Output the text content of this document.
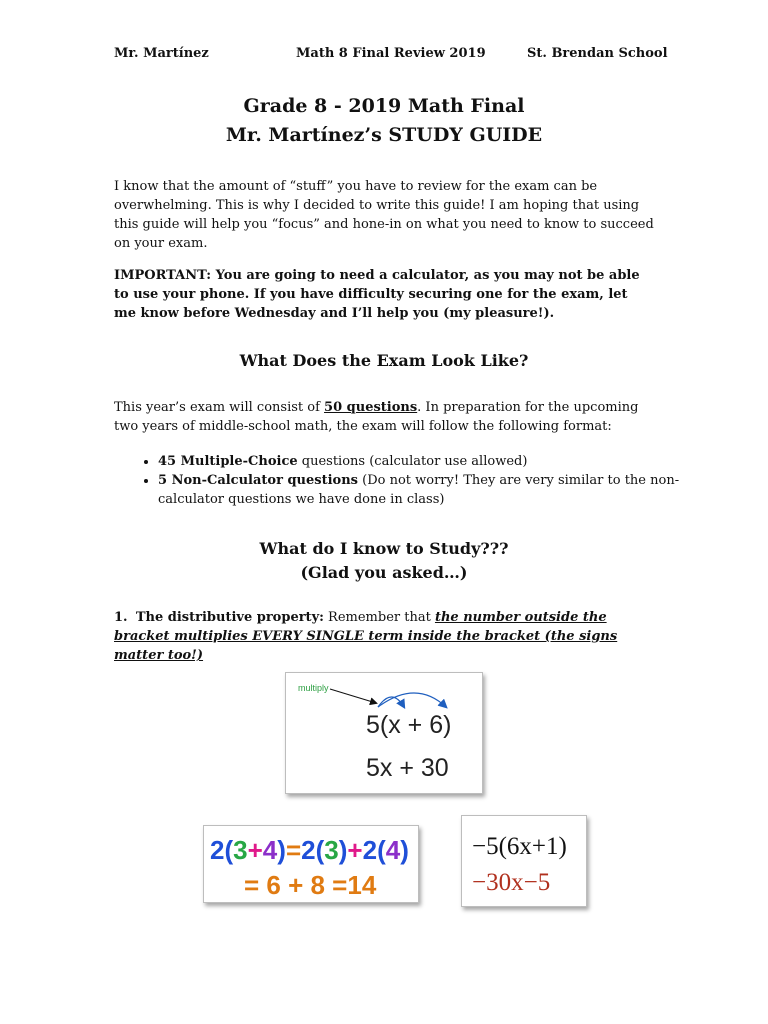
Mr. Martínez	Math 8 Final Review 2019	St. Brendan School
Grade 8 - 2019 Math Final
Mr. Martínez’s STUDY GUIDE
I know that the amount of “stuff” you have to review for the exam can be overwhelming. This is why I decided to write this guide! I am hoping that using this guide will help you “focus” and hone-in on what you need to know to succeed on your exam.
IMPORTANT: You are going to need a calculator, as you may not be able to use your phone. If you have difficulty securing one for the exam, let me know before Wednesday and I’ll help you (my pleasure!).
What Does the Exam Look Like?
This year’s exam will consist of 50 questions. In preparation for the upcoming two years of middle-school math, the exam will follow the following format:
• 45 Multiple-Choice questions (calculator use allowed)
• 5 Non-Calculator questions (Do not worry! They are very similar to the non-calculator questions we have done in class)
What do I know to Study???
(Glad you asked…)
1. The distributive property: Remember that the number outside the bracket multiplies EVERY SINGLE term inside the bracket (the signs matter too!)
multiply
5(x + 6)
5x + 30
2(3+4)=2(3)+2(4)
= 6 + 8 =14
−5(6x+1)
−30x−5
